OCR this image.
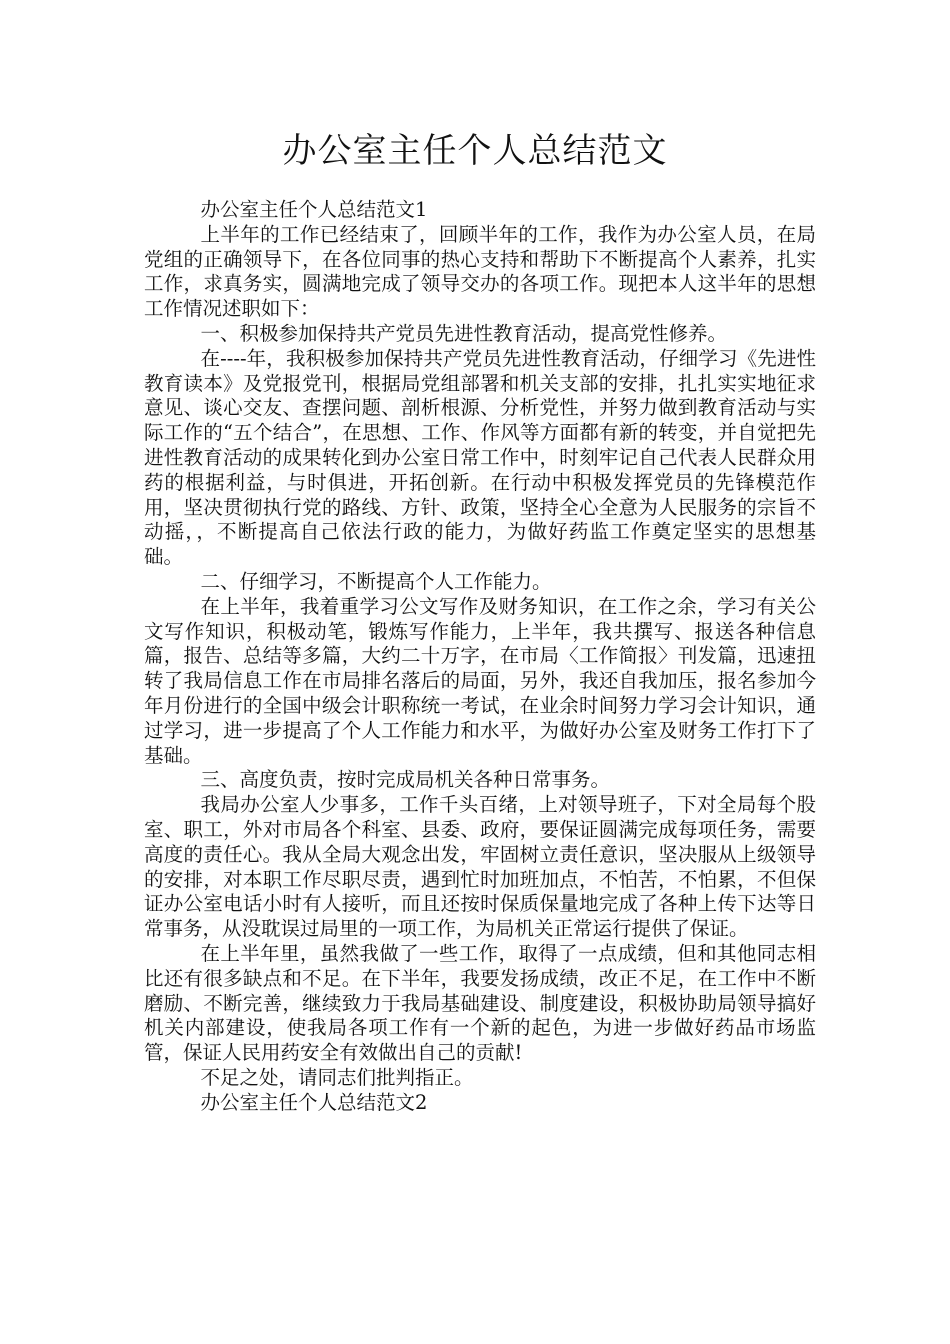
办公室主任个人总结范文

办公室主任个人总结范文1

上半年的工作已经结束了，回顾半年的工作，我作为办公室人员，在局党组的正确领导下，在各位同事的热心支持和帮助下不断提高个人素养，扎实工作，求真务实，圆满地完成了领导交办的各项工作。现把本人这半年的思想工作情况述职如下：

一、积极参加保持共产党员先进性教育活动，提高党性修养。

在----年，我积极参加保持共产党员先进性教育活动，仔细学习《先进性教育读本》及党报党刊，根据局党组部署和机关支部的安排，扎扎实实地征求意见、谈心交友、查摆问题、剖析根源、分析党性，并努力做到教育活动与实际工作的“五个结合”，在思想、工作、作风等方面都有新的转变，并自觉把先进性教育活动的成果转化到办公室日常工作中，时刻牢记自己代表人民群众用药的根据利益，与时俱进，开拓创新。在行动中积极发挥党员的先锋模范作用，坚决贯彻执行党的路线、方针、政策，坚持全心全意为人民服务的宗旨不动摇，，不断提高自己依法行政的能力，为做好药监工作奠定坚实的思想基础。

二、仔细学习，不断提高个人工作能力。

在上半年，我着重学习公文写作及财务知识，在工作之余，学习有关公文写作知识，积极动笔，锻炼写作能力，上半年，我共撰写、报送各种信息篇，报告、总结等多篇，大约二十万字，在市局〈工作简报〉刊发篇，迅速扭转了我局信息工作在市局排名落后的局面，另外，我还自我加压，报名参加今年月份进行的全国中级会计职称统一考试，在业余时间努力学习会计知识，通过学习，进一步提高了个人工作能力和水平，为做好办公室及财务工作打下了基础。

三、高度负责，按时完成局机关各种日常事务。

我局办公室人少事多，工作千头百绪，上对领导班子，下对全局每个股室、职工，外对市局各个科室、县委、政府，要保证圆满完成每项任务，需要高度的责任心。我从全局大观念出发，牢固树立责任意识，坚决服从上级领导的安排，对本职工作尽职尽责，遇到忙时加班加点，不怕苦，不怕累，不但保证办公室电话小时有人接听，而且还按时保质保量地完成了各种上传下达等日常事务，从没耽误过局里的一项工作，为局机关正常运行提供了保证。

在上半年里，虽然我做了一些工作，取得了一点成绩，但和其他同志相比还有很多缺点和不足。在下半年，我要发扬成绩，改正不足，在工作中不断磨励、不断完善，继续致力于我局基础建设、制度建设，积极协助局领导搞好机关内部建设，使我局各项工作有一个新的起色，为进一步做好药品市场监管，保证人民用药安全有效做出自己的贡献!

不足之处，请同志们批判指正。

办公室主任个人总结范文2
